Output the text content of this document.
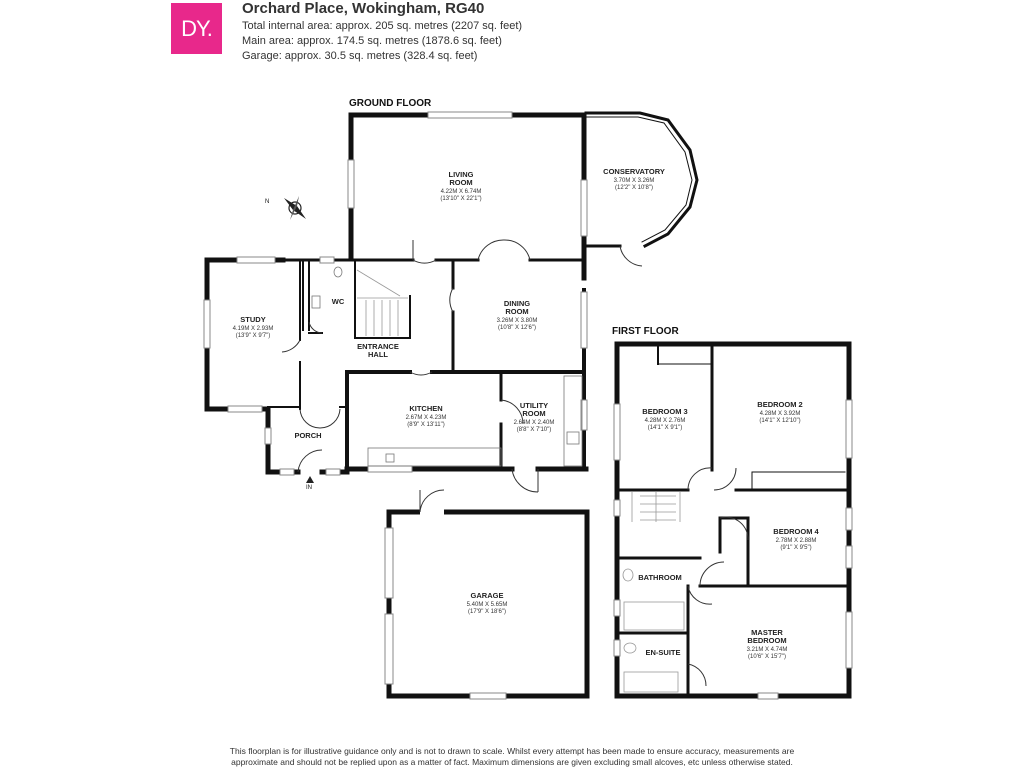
DY.
Orchard Place, Wokingham, RG40
Total internal area: approx. 205 sq. metres (2207 sq. feet)
Main area: approx. 174.5 sq. metres (1878.6 sq. feet)
Garage: approx. 30.5 sq. metres (328.4 sq. feet)
GROUND FLOOR
FIRST FLOOR
N
IN
LIVING
ROOM
4.22M X 6.74M
(13'10" X 22'1")
CONSERVATORY
3.70M X 3.26M
(12'2" X 10'8")
STUDY
4.19M X 2.93M
(13'9" X 9'7")
WC
ENTRANCE
HALL
DINING
ROOM
3.26M X 3.80M
(10'8" X 12'6")
KITCHEN
2.67M X 4.23M
(8'9" X 13'11")
UTILITY
ROOM
2.64M X 2.40M
(8'8" X 7'10")
PORCH
GARAGE
5.40M X 5.65M
(17'9" X 18'6")
BEDROOM 3
4.28M X 2.76M
(14'1" X 9'1")
BEDROOM 2
4.28M X 3.92M
(14'1" X 12'10")
BEDROOM 4
2.78M X 2.88M
(9'1" X 9'5")
BATHROOM
EN-SUITE
MASTER
BEDROOM
3.21M X 4.74M
(10'6" X 15'7")
This floorplan is for illustrative guidance only and is not to drawn to scale. Whilst every attempt has been made to ensure accuracy, measurements are
approximate and should not be replied upon as a matter of fact. Maximum dimensions are given excluding small alcoves, etc unless otherwise stated.
